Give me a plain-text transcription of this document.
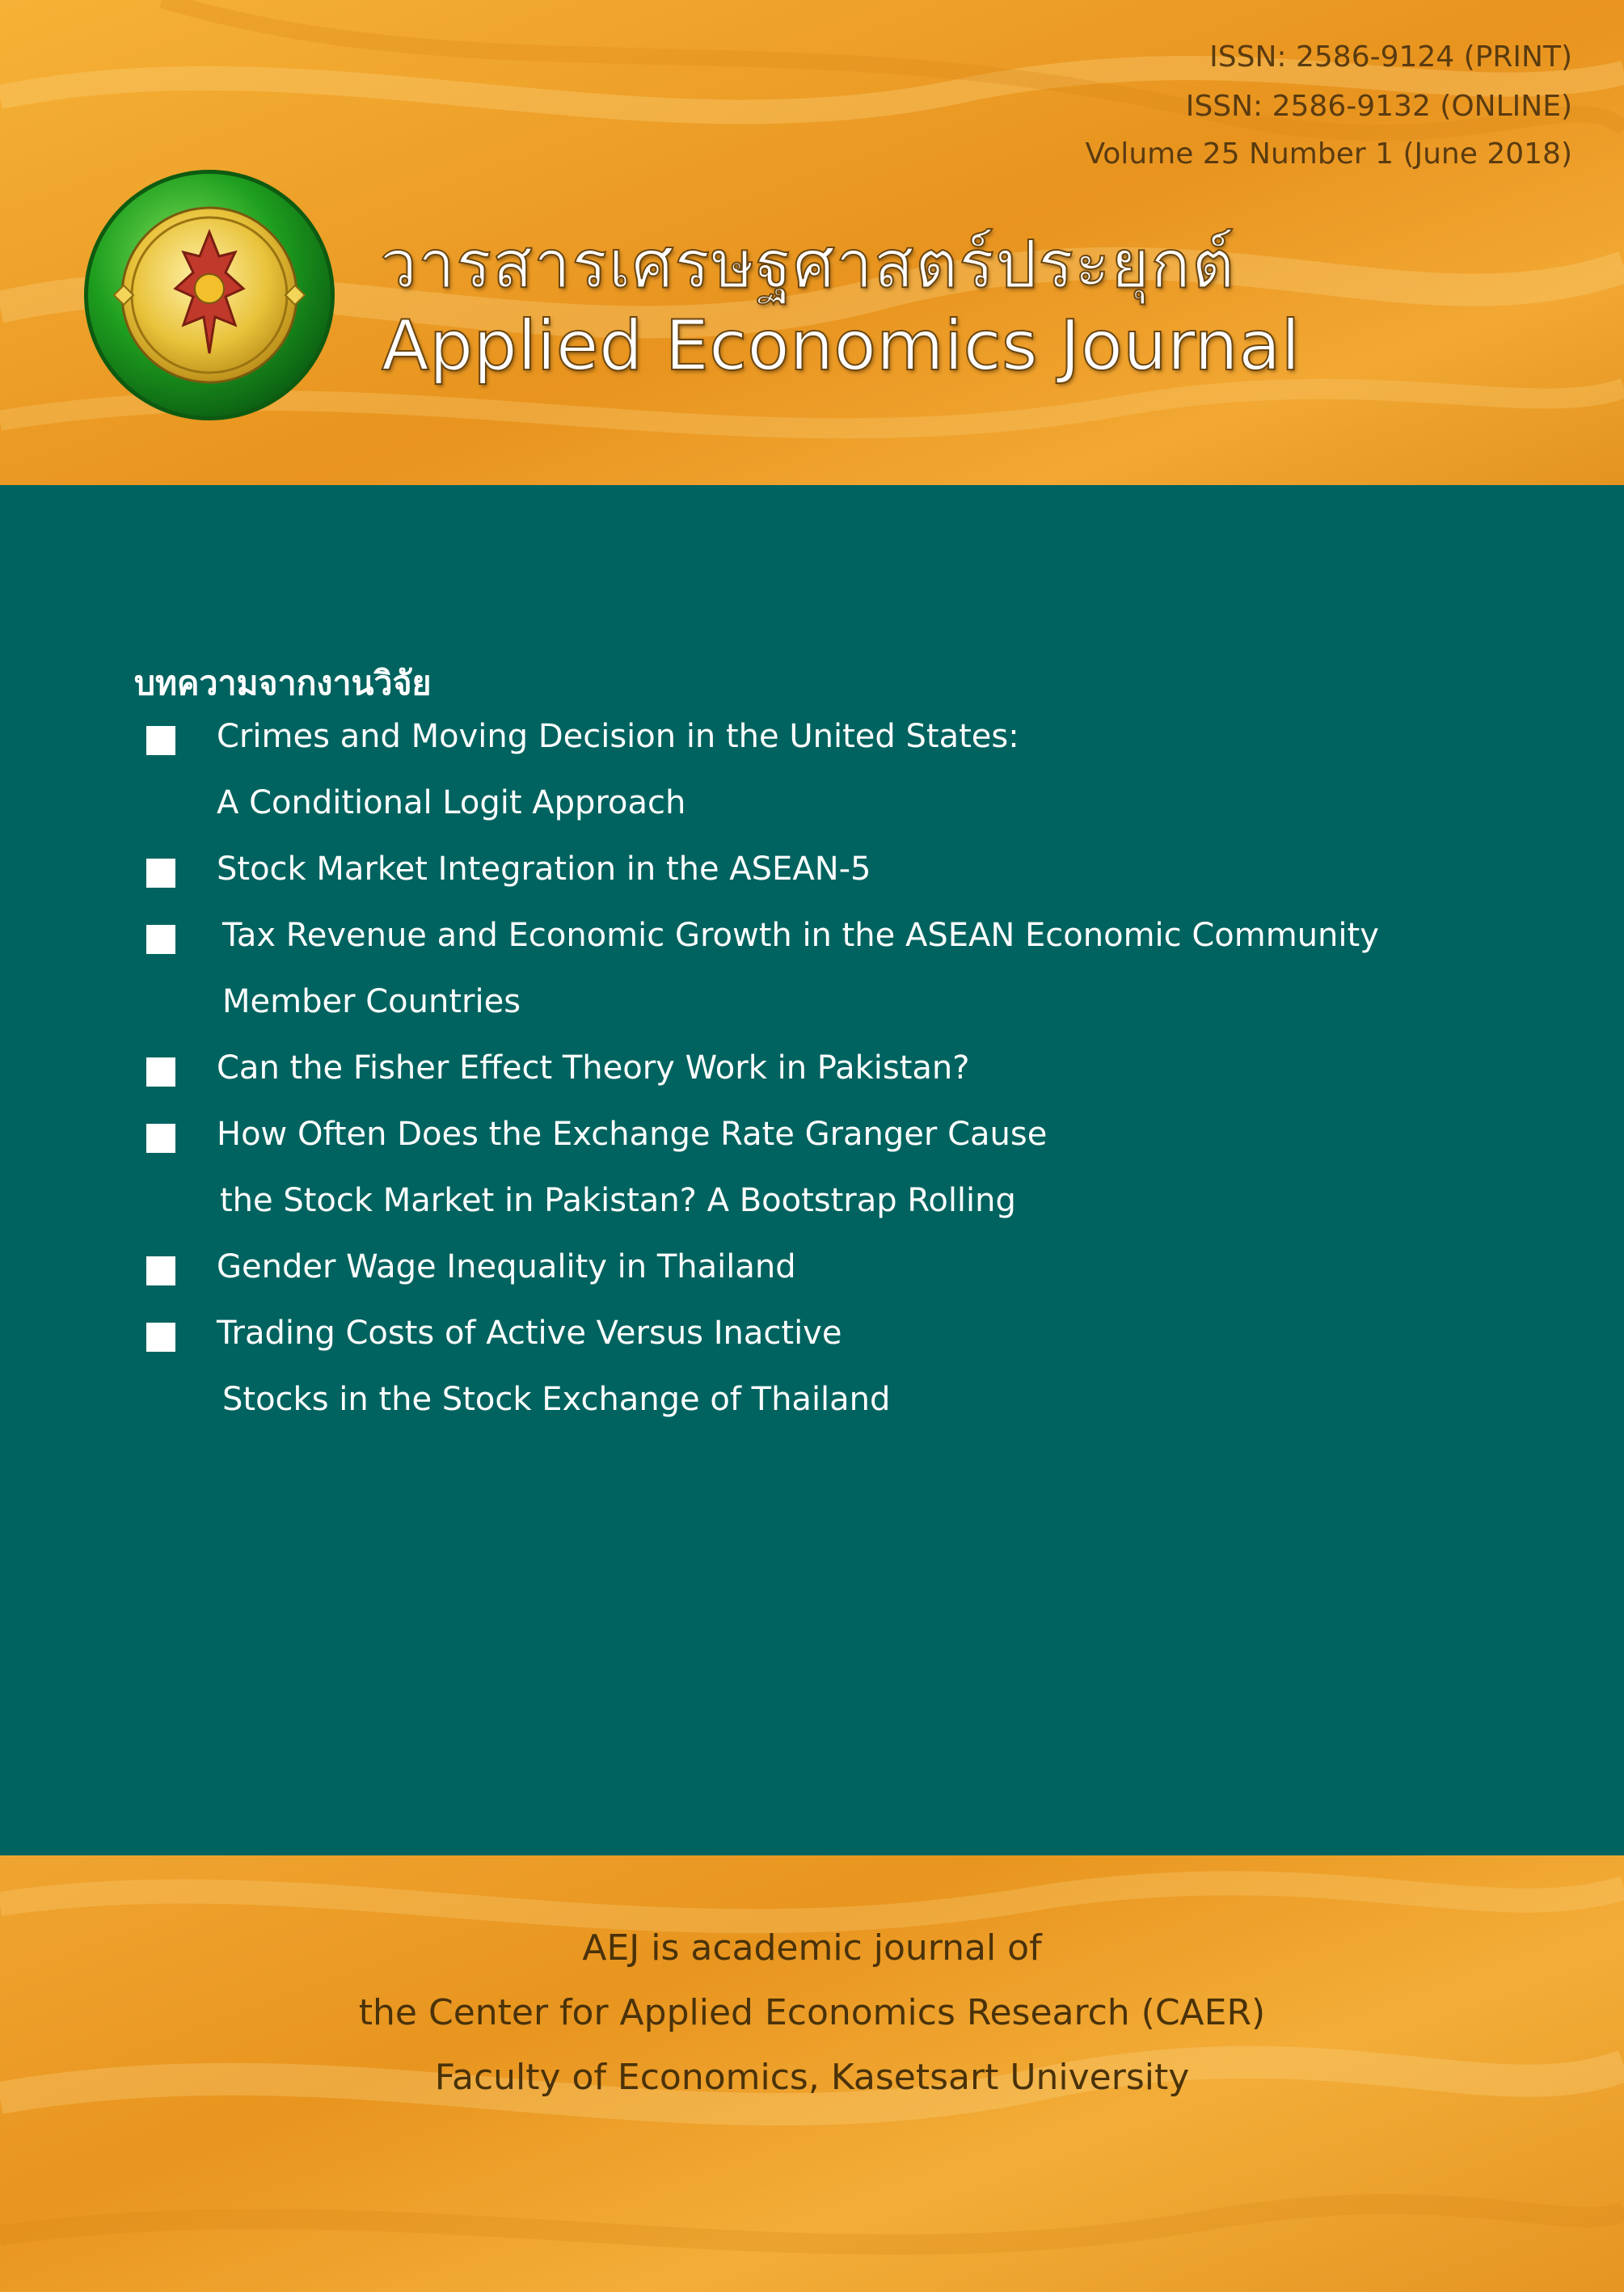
ISSN: 2586-9124 (PRINT)
ISSN: 2586-9132 (ONLINE)
Volume 25 Number 1 (June 2018)
วารสารเศรษฐศาสตร์ประยุกต์
Applied Economics Journal
บทความจากงานวิจัย
Crimes and Moving Decision in the United States:
A Conditional Logit Approach
Stock Market Integration in the ASEAN-5
Tax Revenue and Economic Growth in the ASEAN Economic Community
Member Countries
Can the Fisher Effect Theory Work in Pakistan?
How Often Does the Exchange Rate Granger Cause
the Stock Market in Pakistan? A Bootstrap Rolling
Gender Wage Inequality in Thailand
Trading Costs of Active Versus Inactive
Stocks in the Stock Exchange of Thailand
AEJ is academic journal of
the Center for Applied Economics Research (CAER)
Faculty of Economics, Kasetsart University
